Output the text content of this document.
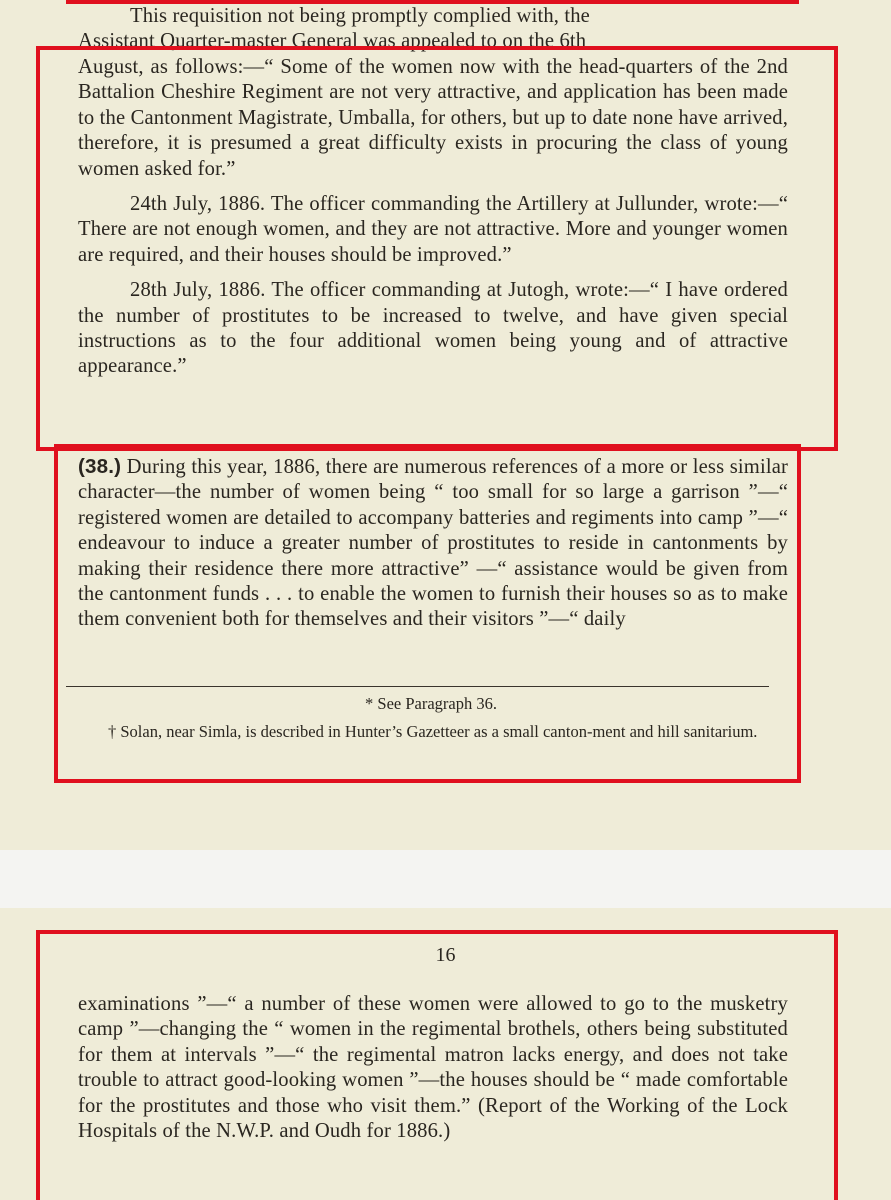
This requisition not being promptly complied with, the

Assistant Quarter-master General was appealed to on the 6th

August, as follows:—“ Some of the women now with the head-quarters of the 2nd Battalion Cheshire Regiment are not very attractive, and application has been made to the Cantonment Magistrate, Umballa, for others, but up to date none have arrived, therefore, it is presumed a great difficulty exists in procuring the class of young women asked for.”

24th July, 1886. The officer commanding the Artillery at Jullunder, wrote:—“ There are not enough women, and they are not attractive. More and younger women are required, and their houses should be improved.”

28th July, 1886. The officer commanding at Jutogh, wrote:—“ I have ordered the number of prostitutes to be increased to twelve, and have given special instructions as to the four additional women being young and of attractive appearance.”

(38.) During this year, 1886, there are numerous references of a more or less similar character—the number of women being “ too small for so large a garrison ”—“ registered women are detailed to accompany batteries and regiments into camp ”—“ endeavour to induce a greater number of prostitutes to reside in cantonments by making their residence there more attractive” —“ assistance would be given from the cantonment funds . . . to enable the women to furnish their houses so as to make them convenient both for themselves and their visitors ”—“ daily

* See Paragraph 36.
† Solan, near Simla, is described in Hunter’s Gazetteer as a small canton-ment and hill sanitarium.
16
examinations ”—“ a number of these women were allowed to go to the musketry camp ”—changing the “ women in the regimental brothels, others being substituted for them at intervals ”—“ the regimental matron lacks energy, and does not take trouble to attract good-looking women ”—the houses should be “ made comfortable for the prostitutes and those who visit them.” (Report of the Working of the Lock Hospitals of the N.W.P. and Oudh for 1886.)
